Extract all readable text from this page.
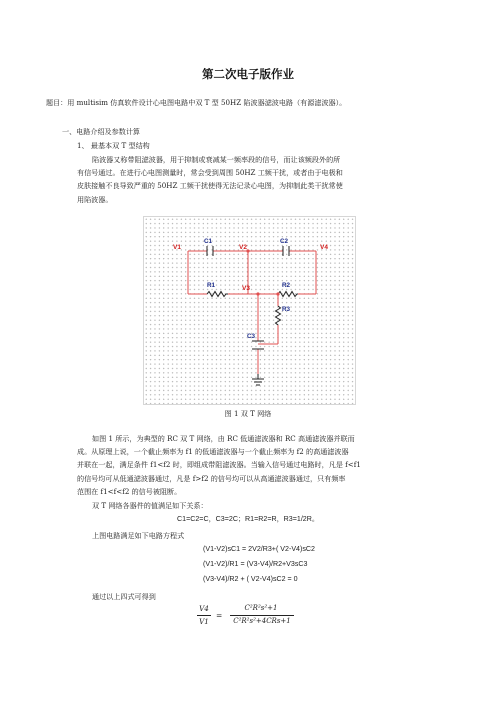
第二次电子版作业
题目：用 multisim 仿真软件设计心电图电路中双 T 型 50HZ 陷波器滤波电路（有源滤波器）。
一、电路介绍及参数计算
1、 最基本双 T 型结构
陷波器又称带阻滤波器，用于抑制或衰减某一频率段的信号，而让该频段外的所
有信号通过。在进行心电图测量时，常会受到周围 50HZ 工频干扰，或者由于电极和
皮肤接触不良导致严重的 50HZ 工频干扰使得无法记录心电图，为抑制此类干扰常使
用陷波器。
V1	V2
V3
V4
C1	C2
C3
R1	R2
R3
图 1 双 T 网络
如图 1 所示，为典型的 RC 双 T 网络，由 RC 低通滤波器和 RC 高通滤波器并联而
成。从原理上说，一个截止频率为 f1 的低通滤波器与一个截止频率为 f2 的高通滤波器
并联在一起，满足条件 f1<f2 时，即组成带阻滤波器。当输入信号通过电路时，凡是 f<f1
的信号均可从低通滤波器通过，凡是 f>f2 的信号均可以从高通滤波器通过，只有频率
范围在 f1<f<f2 的信号被阻断。
双 T 网络各器件的值满足如下关系：
C1=C2=C，C3=2C；R1=R2=R，R3=1/2R。
上图电路满足如下电路方程式
(V1-V2)sC1 = 2V2/R3+( V2-V4)sC2
(V1-V2)/R1 = (V3-V4)/R2+V3sC3
(V3-V4)/R2 + ( V2-V4)sC2 = 0
通过以上四式可得到
V4
V1
=
C²R²s²+1
C²R²s²+4CRs+1
